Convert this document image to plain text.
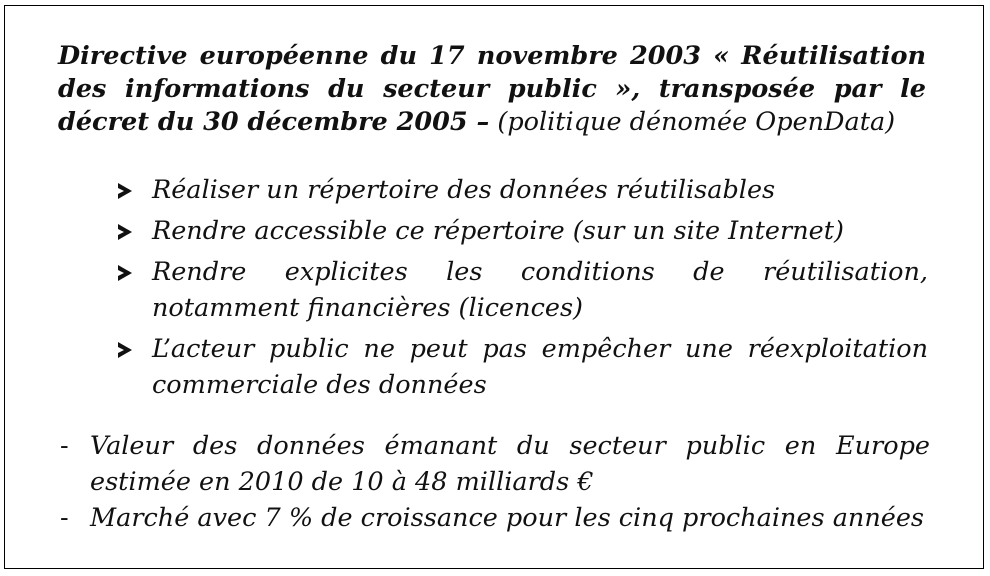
Directive européenne du 17 novembre 2003 « Réutilisation des informations du secteur public », transposée par le décret du 30 décembre 2005 – (politique dénomée OpenData)
Réaliser un répertoire des données réutilisables
Rendre accessible ce répertoire (sur un site Internet)
Rendre explicites les conditions de réutilisation, notamment financières (licences)
L’acteur public ne peut pas empêcher une réexploitation commerciale des données
- Valeur des données émanant du secteur public en Europe estimée en 2010 de 10 à 48 milliards €
- Marché avec 7 % de croissance pour les cinq prochaines années
